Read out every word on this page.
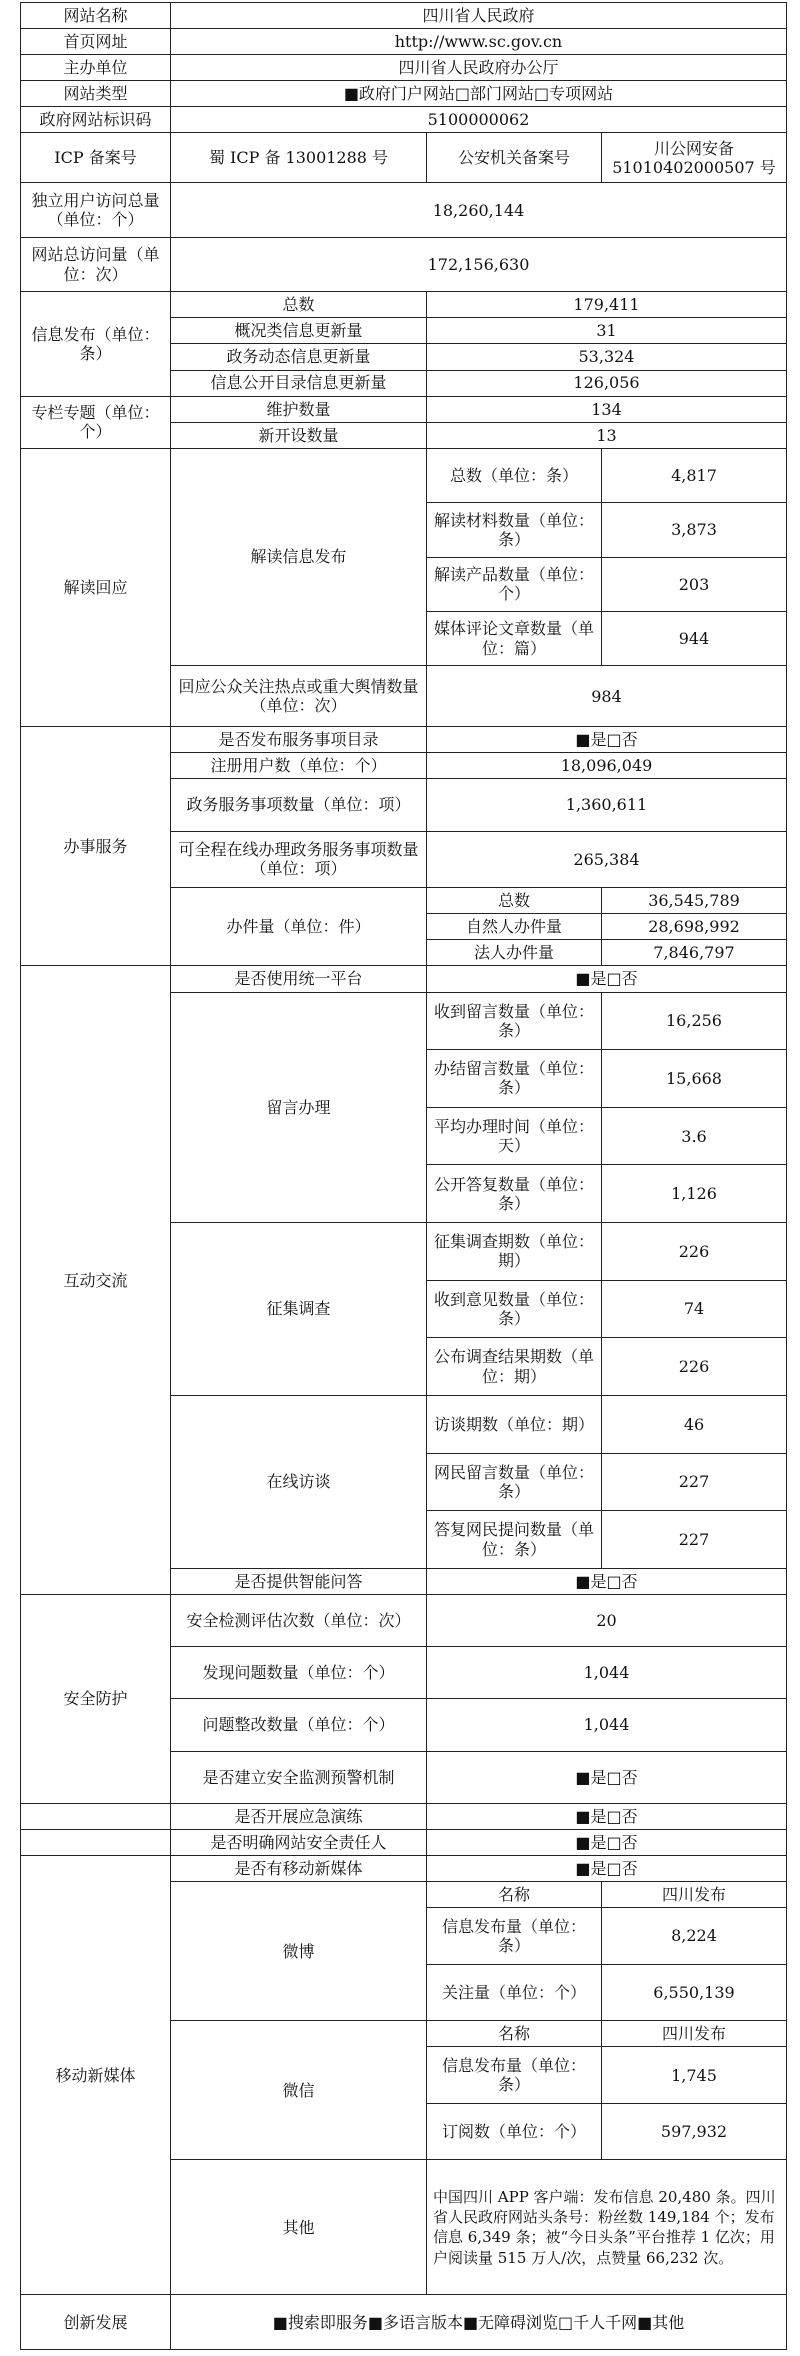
网站名称	四川省人民政府		
首页网址	http://www.sc.gov.cn		
主办单位	四川省人民政府办公厅		
网站类型	■政府门户网站□部门网站□专项网站		
政府网站标识码	5100000062		
ICP 备案号	蜀 ICP 备 13001288 号	公安机关备案号	川公网安备 51010402000507 号
独立用户访问总量（单位：个）	18,260,144		
网站总访问量（单位：次）	172,156,630		
信息发布（单位：条）	总数	179,411	
	概况类信息更新量	31	
	政务动态信息更新量	53,324	
	信息公开目录信息更新量	126,056	
专栏专题（单位：个）	维护数量	134	
	新开设数量	13	
解读回应	解读信息发布	总数（单位：条）	4,817
		解读材料数量（单位：条）	3,873
		解读产品数量（单位：个）	203
		媒体评论文章数量（单位：篇）	944
	回应公众关注热点或重大舆情数量（单位：次）	984	
办事服务	是否发布服务事项目录	■是□否	
	注册用户数（单位：个）	18,096,049	
	政务服务事项数量（单位：项）	1,360,611	
	可全程在线办理政务服务事项数量（单位：项）	265,384	
	办件量（单位：件）	总数	36,545,789
		自然人办件量	28,698,992
		法人办件量	7,846,797
互动交流	是否使用统一平台	■是□否	
	留言办理	收到留言数量（单位：条）	16,256
		办结留言数量（单位：条）	15,668
		平均办理时间（单位：天）	3.6
		公开答复数量（单位：条）	1,126
	征集调查	征集调查期数（单位：期）	226
		收到意见数量（单位：条）	74
		公布调查结果期数（单位：期）	226
	在线访谈	访谈期数（单位：期）	46
		网民留言数量（单位：条）	227
		答复网民提问数量（单位：条）	227
	是否提供智能问答	■是□否	
安全防护	安全检测评估次数（单位：次）	20	
	发现问题数量（单位：个）	1,044	
	问题整改数量（单位：个）	1,044	
	是否建立安全监测预警机制	■是□否	
	是否开展应急演练	■是□否	
	是否明确网站安全责任人	■是□否	
移动新媒体	是否有移动新媒体	■是□否	
	微博	名称	四川发布
		信息发布量（单位：条）	8,224
		关注量（单位：个）	6,550,139
	微信	名称	四川发布
		信息发布量（单位：条）	1,745
		订阅数（单位：个）	597,932
	其他	中国四川 APP 客户端：发布信息 20,480 条。四川省人民政府网站头条号：粉丝数 149,184 个；发布信息 6,349 条；被“今日头条”平台推荐 1 亿次；用户阅读量 515 万人/次，点赞量 66,232 次。	
创新发展	■搜索即服务■多语言版本■无障碍浏览□千人千网■其他		
